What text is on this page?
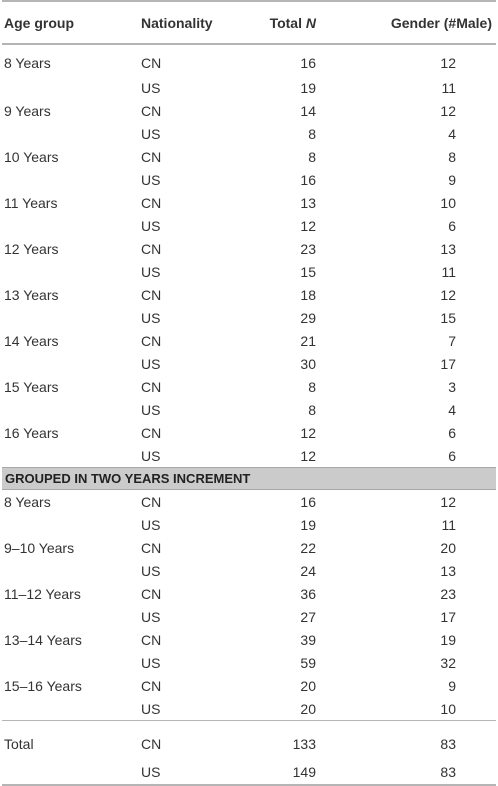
Age group	Nationality	Total N	Gender (#Male)
8 Years	CN	16	12
	US	19	11
9 Years	CN	14	12
	US	8	4
10 Years	CN	8	8
	US	16	9
11 Years	CN	13	10
	US	12	6
12 Years	CN	23	13
	US	15	11
13 Years	CN	18	12
	US	29	15
14 Years	CN	21	7
	US	30	17
15 Years	CN	8	3
	US	8	4
16 Years	CN	12	6
	US	12	6
GROUPED IN TWO YEARS INCREMENT			
8 Years	CN	16	12
	US	19	11
9–10 Years	CN	22	20
	US	24	13
11–12 Years	CN	36	23
	US	27	17
13–14 Years	CN	39	19
	US	59	32
15–16 Years	CN	20	9
	US	20	10
Total	CN	133	83
	US	149	83
